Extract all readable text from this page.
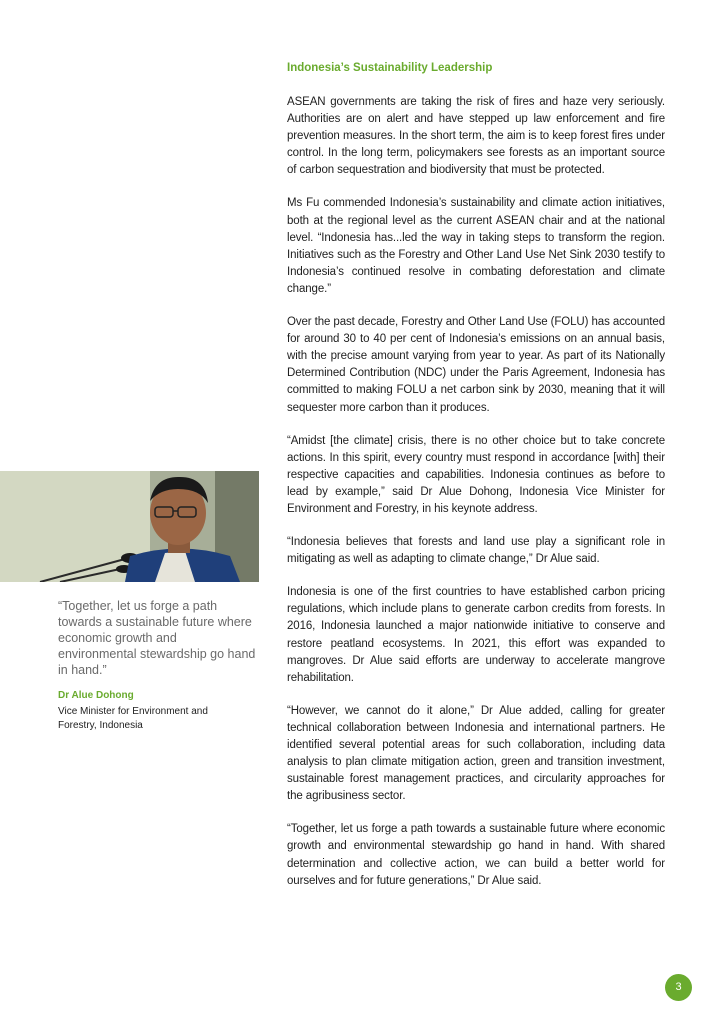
Indonesia’s Sustainability Leadership

ASEAN governments are taking the risk of fires and haze very seriously. Authorities are on alert and have stepped up law enforcement and fire prevention measures. In the short term, the aim is to keep forest fires under control. In the long term, policymakers see forests as an important source of carbon sequestration and biodiversity that must be protected.

Ms Fu commended Indonesia’s sustainability and climate action initiatives, both at the regional level as the current ASEAN chair and at the national level. “Indonesia has...led the way in taking steps to transform the region. Initiatives such as the Forestry and Other Land Use Net Sink 2030 testify to Indonesia’s continued resolve in combating deforestation and climate change.”

Over the past decade, Forestry and Other Land Use (FOLU) has accounted for around 30 to 40 per cent of Indonesia’s emissions on an annual basis, with the precise amount varying from year to year. As part of its Nationally Determined Contribution (NDC) under the Paris Agreement, Indonesia has committed to making FOLU a net carbon sink by 2030, meaning that it will sequester more carbon than it produces.

“Amidst [the climate] crisis, there is no other choice but to take concrete actions. In this spirit, every country must respond in accordance [with] their respective capacities and capabilities. Indonesia continues as before to lead by example,” said Dr Alue Dohong, Indonesia Vice Minister for Environment and Forestry, in his keynote address.

“Indonesia believes that forests and land use play a significant role in mitigating as well as adapting to climate change,” Dr Alue said.

Indonesia is one of the first countries to have established carbon pricing regulations, which include plans to generate carbon credits from forests. In 2016, Indonesia launched a major nationwide initiative to conserve and restore peatland ecosystems. In 2021, this effort was expanded to mangroves. Dr Alue said efforts are underway to accelerate mangrove rehabilitation.

“However, we cannot do it alone,” Dr Alue added, calling for greater technical collaboration between Indonesia and international partners. He identified several potential areas for such collaboration, including data analysis to plan climate mitigation action, green and transition investment, sustainable forest management practices, and circularity approaches for the agribusiness sector.

“Together, let us forge a path towards a sustainable future where economic growth and environmental stewardship go hand in hand. With shared determination and collective action, we can build a better world for ourselves and for future generations,” Dr Alue said.

“Together, let us forge a path towards a sustainable future where economic growth and environmental stewardship go hand in hand.”
Dr Alue Dohong
Vice Minister for Environment and Forestry, Indonesia
3
